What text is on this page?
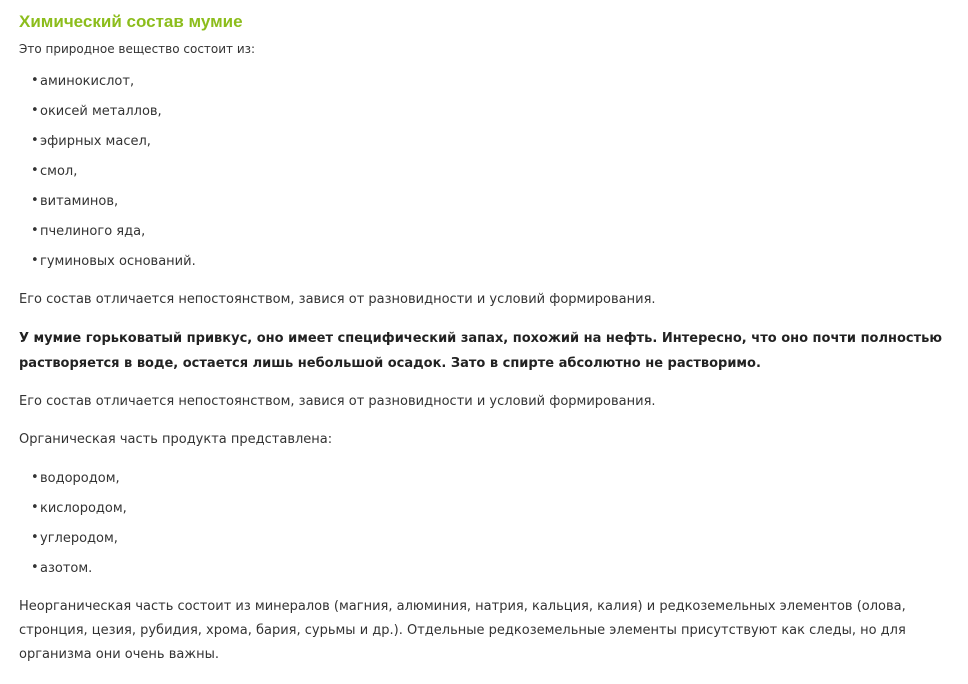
Химический состав мумие
Это природное вещество состоит из:
• аминокислот,
• окисей металлов,
• эфирных масел,
• смол,
• витаминов,
• пчелиного яда,
• гуминовых оснований.

Его состав отличается непостоянством, завися от разновидности и условий формирования.

У мумие горьковатый привкус, оно имеет специфический запах, похожий на нефть. Интересно, что оно почти полностью растворяется в воде, остается лишь небольшой осадок. Зато в спирте абсолютно не растворимо.

Его состав отличается непостоянством, завися от разновидности и условий формирования.

Органическая часть продукта представлена:

• водородом,
• кислородом,
• углеродом,
• азотом.

Неорганическая часть состоит из минералов (магния, алюминия, натрия, кальция, калия) и редкоземельных элементов (олова, стронция, цезия, рубидия, хрома, бария, сурьмы и др.). Отдельные редкоземельные элементы присутствуют как следы, но для организма они очень важны.
